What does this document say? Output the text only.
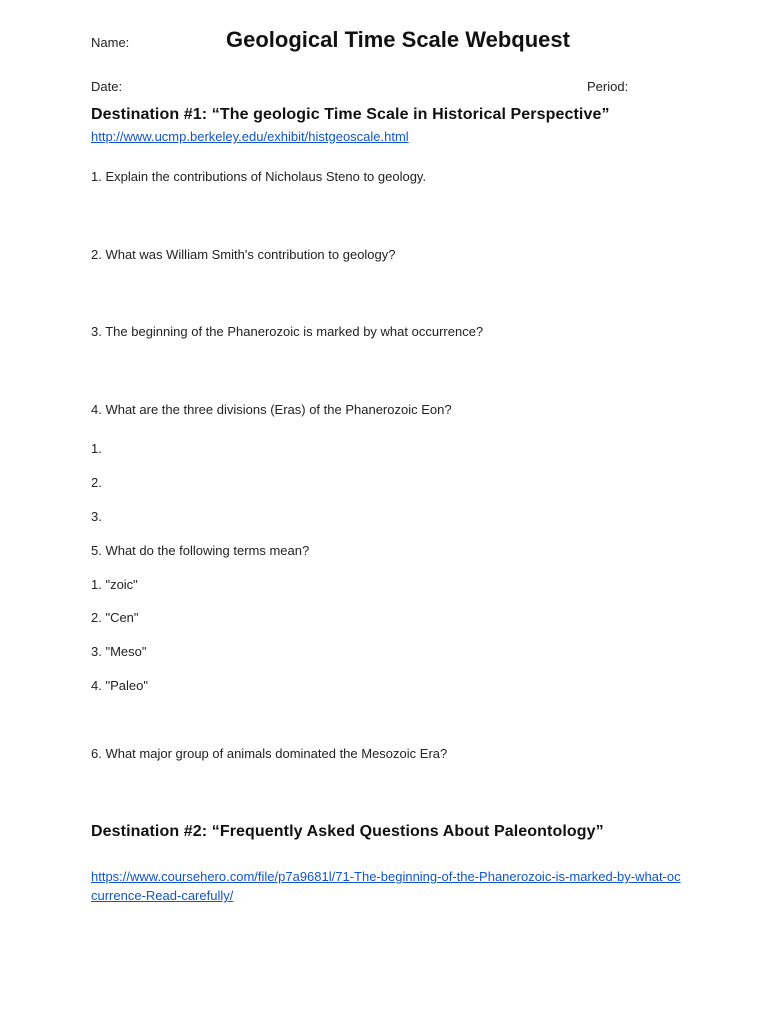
Name:	Geological Time Scale Webquest
Date:	Period:
Destination #1: “The geologic Time Scale in Historical Perspective”
http://www.ucmp.berkeley.edu/exhibit/histgeoscale.html
1. Explain the contributions of Nicholaus Steno to geology.
2. What was William Smith's contribution to geology?
3. The beginning of the Phanerozoic is marked by what occurrence?
4. What are the three divisions (Eras) of the Phanerozoic Eon?
1.
2.
3.
5. What do the following terms mean?
1. "zoic"
2. "Cen"
3. "Meso"
4. "Paleo"
6. What major group of animals dominated the Mesozoic Era?
Destination #2: “Frequently Asked Questions About Paleontology”
https://www.coursehero.com/file/p7a9681l/71-The-beginning-of-the-Phanerozoic-is-marked-by-what-occurrence-Read-carefully/
